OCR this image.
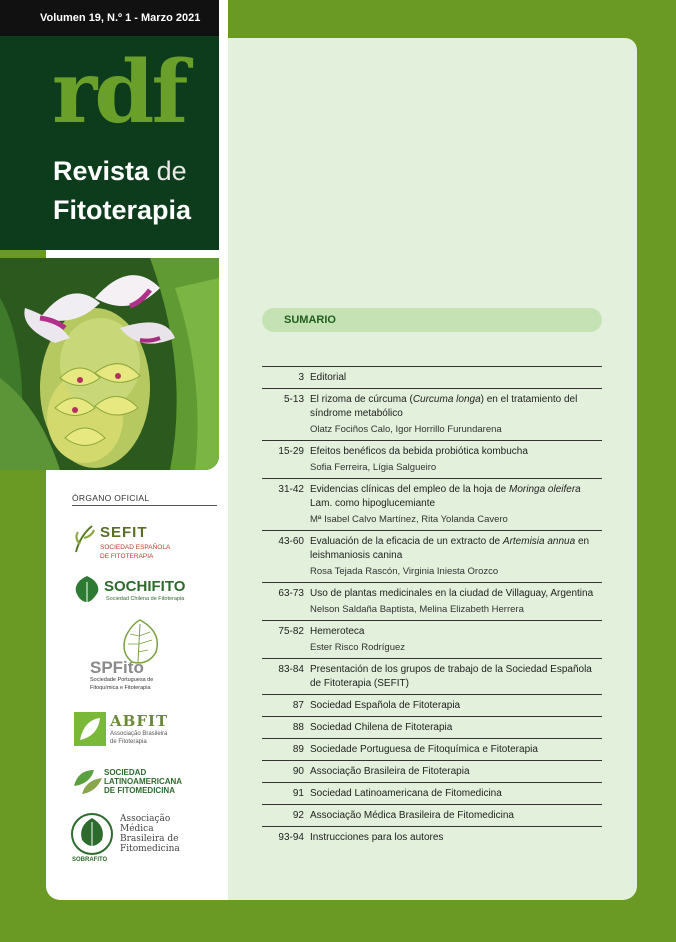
Volumen 19, N.º 1 - Marzo 2021
rdf
Revista de
Fitoterapia
ÓRGANO OFICIAL
SEFIT
SOCIEDAD ESPAÑOLA
DE FITOTERAPIA
SOCHIFITO
Sociedad Chilena de Fitoterapia
SPFito
Sociedade Portuguesa de
Fitoquímica e Fitoterapia
ABFIT
Associação Brasileira
de Fitoterapia
SOCIEDAD
LATINOAMERICANA
DE FITOMEDICINA
SOBRAFITO
Associação
Médica
Brasileira de
Fitomedicina
SUMARIO
3 Editorial
5-13 El rizoma de cúrcuma (Curcuma longa) en el tratamiento del síndrome metabólico
Olatz Fociños Calo, Igor Horrillo Furundarena
15-29 Efeitos benéficos da bebida probiótica kombucha
Sofia Ferreira, Lígia Salgueiro
31-42 Evidencias clínicas del empleo de la hoja de Moringa oleifera Lam. como hipoglucemiante
Mª Isabel Calvo Martínez, Rita Yolanda Cavero
43-60 Evaluación de la eficacia de un extracto de Artemisia annua en leishmaniosis canina
Rosa Tejada Rascón, Virginia Iniesta Orozco
63-73 Uso de plantas medicinales en la ciudad de Villaguay, Argentina
Nelson Saldaña Baptista, Melina Elizabeth Herrera
75-82 Hemeroteca
Ester Risco Rodríguez
83-84 Presentación de los grupos de trabajo de la Sociedad Española de Fitoterapia (SEFIT)
87 Sociedad Española de Fitoterapia
88 Sociedad Chilena de Fitoterapia
89 Sociedade Portuguesa de Fitoquímica e Fitoterapia
90 Associação Brasileira de Fitoterapia
91 Sociedad Latinoamericana de Fitomedicina
92 Associação Médica Brasileira de Fitomedicina
93-94 Instrucciones para los autores
